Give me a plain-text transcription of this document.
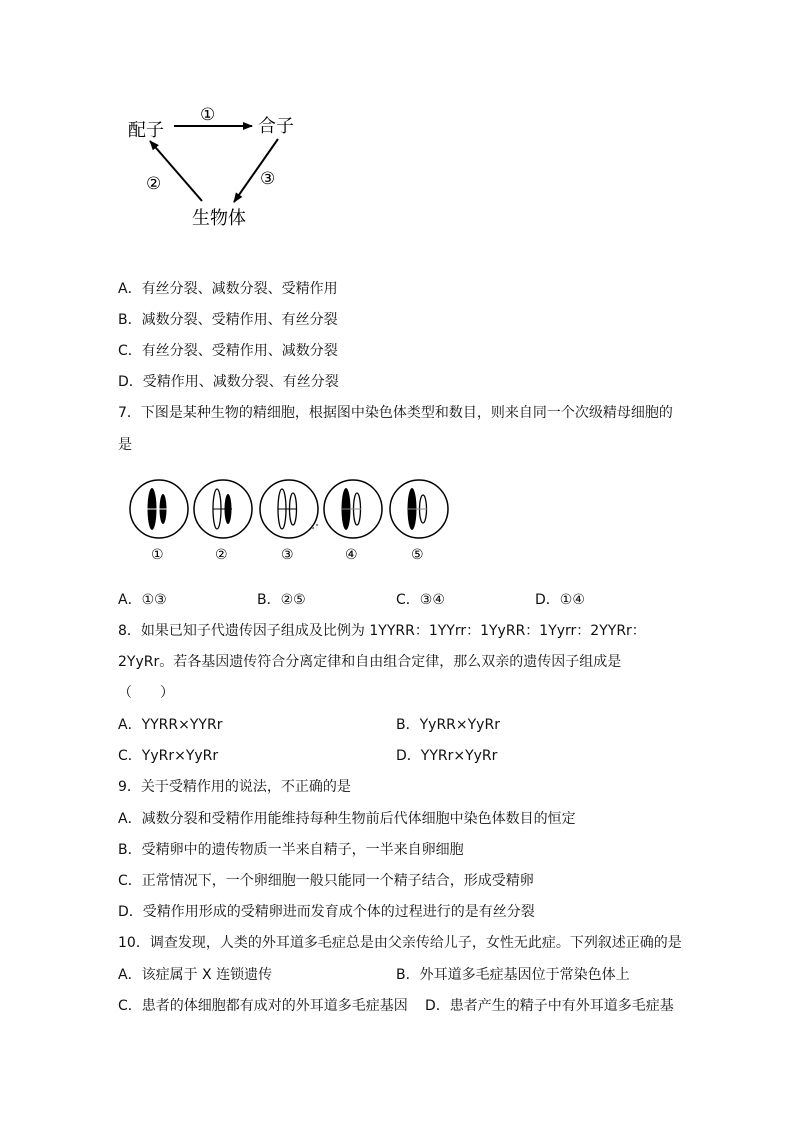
配子	合子
生物体
①
②	③
A．有丝分裂、减数分裂、受精作用
B．减数分裂、受精作用、有丝分裂
C．有丝分裂、受精作用、减数分裂
D．受精作用、减数分裂、有丝分裂
7．下图是某种生物的精细胞，根据图中染色体类型和数目，则来自同一个次级精母细胞的
是
①	②	③	④	⑤
A．①③	B．②⑤	C．③④	D．①④
8．如果已知子代遗传因子组成及比例为 1YYRR：1YYrr：1YyRR：1Yyrr：2YYRr：
2YyRr。若各基因遗传符合分离定律和自由组合定律，那么双亲的遗传因子组成是
（　　）
A．YYRR×YYRr	B．YyRR×YyRr
C．YyRr×YyRr	D．YYRr×YyRr
9．关于受精作用的说法，不正确的是
A．减数分裂和受精作用能维持每种生物前后代体细胞中染色体数目的恒定
B．受精卵中的遗传物质一半来自精子，一半来自卵细胞
C．正常情况下，一个卵细胞一般只能同一个精子结合，形成受精卵
D．受精作用形成的受精卵进而发育成个体的过程进行的是有丝分裂
10．调查发现，人类的外耳道多毛症总是由父亲传给儿子，女性无此症。下列叙述正确的是
A．该症属于 X 连锁遗传	B．外耳道多毛症基因位于常染色体上
C．患者的体细胞都有成对的外耳道多毛症基因 D．患者产生的精子中有外耳道多毛症基
